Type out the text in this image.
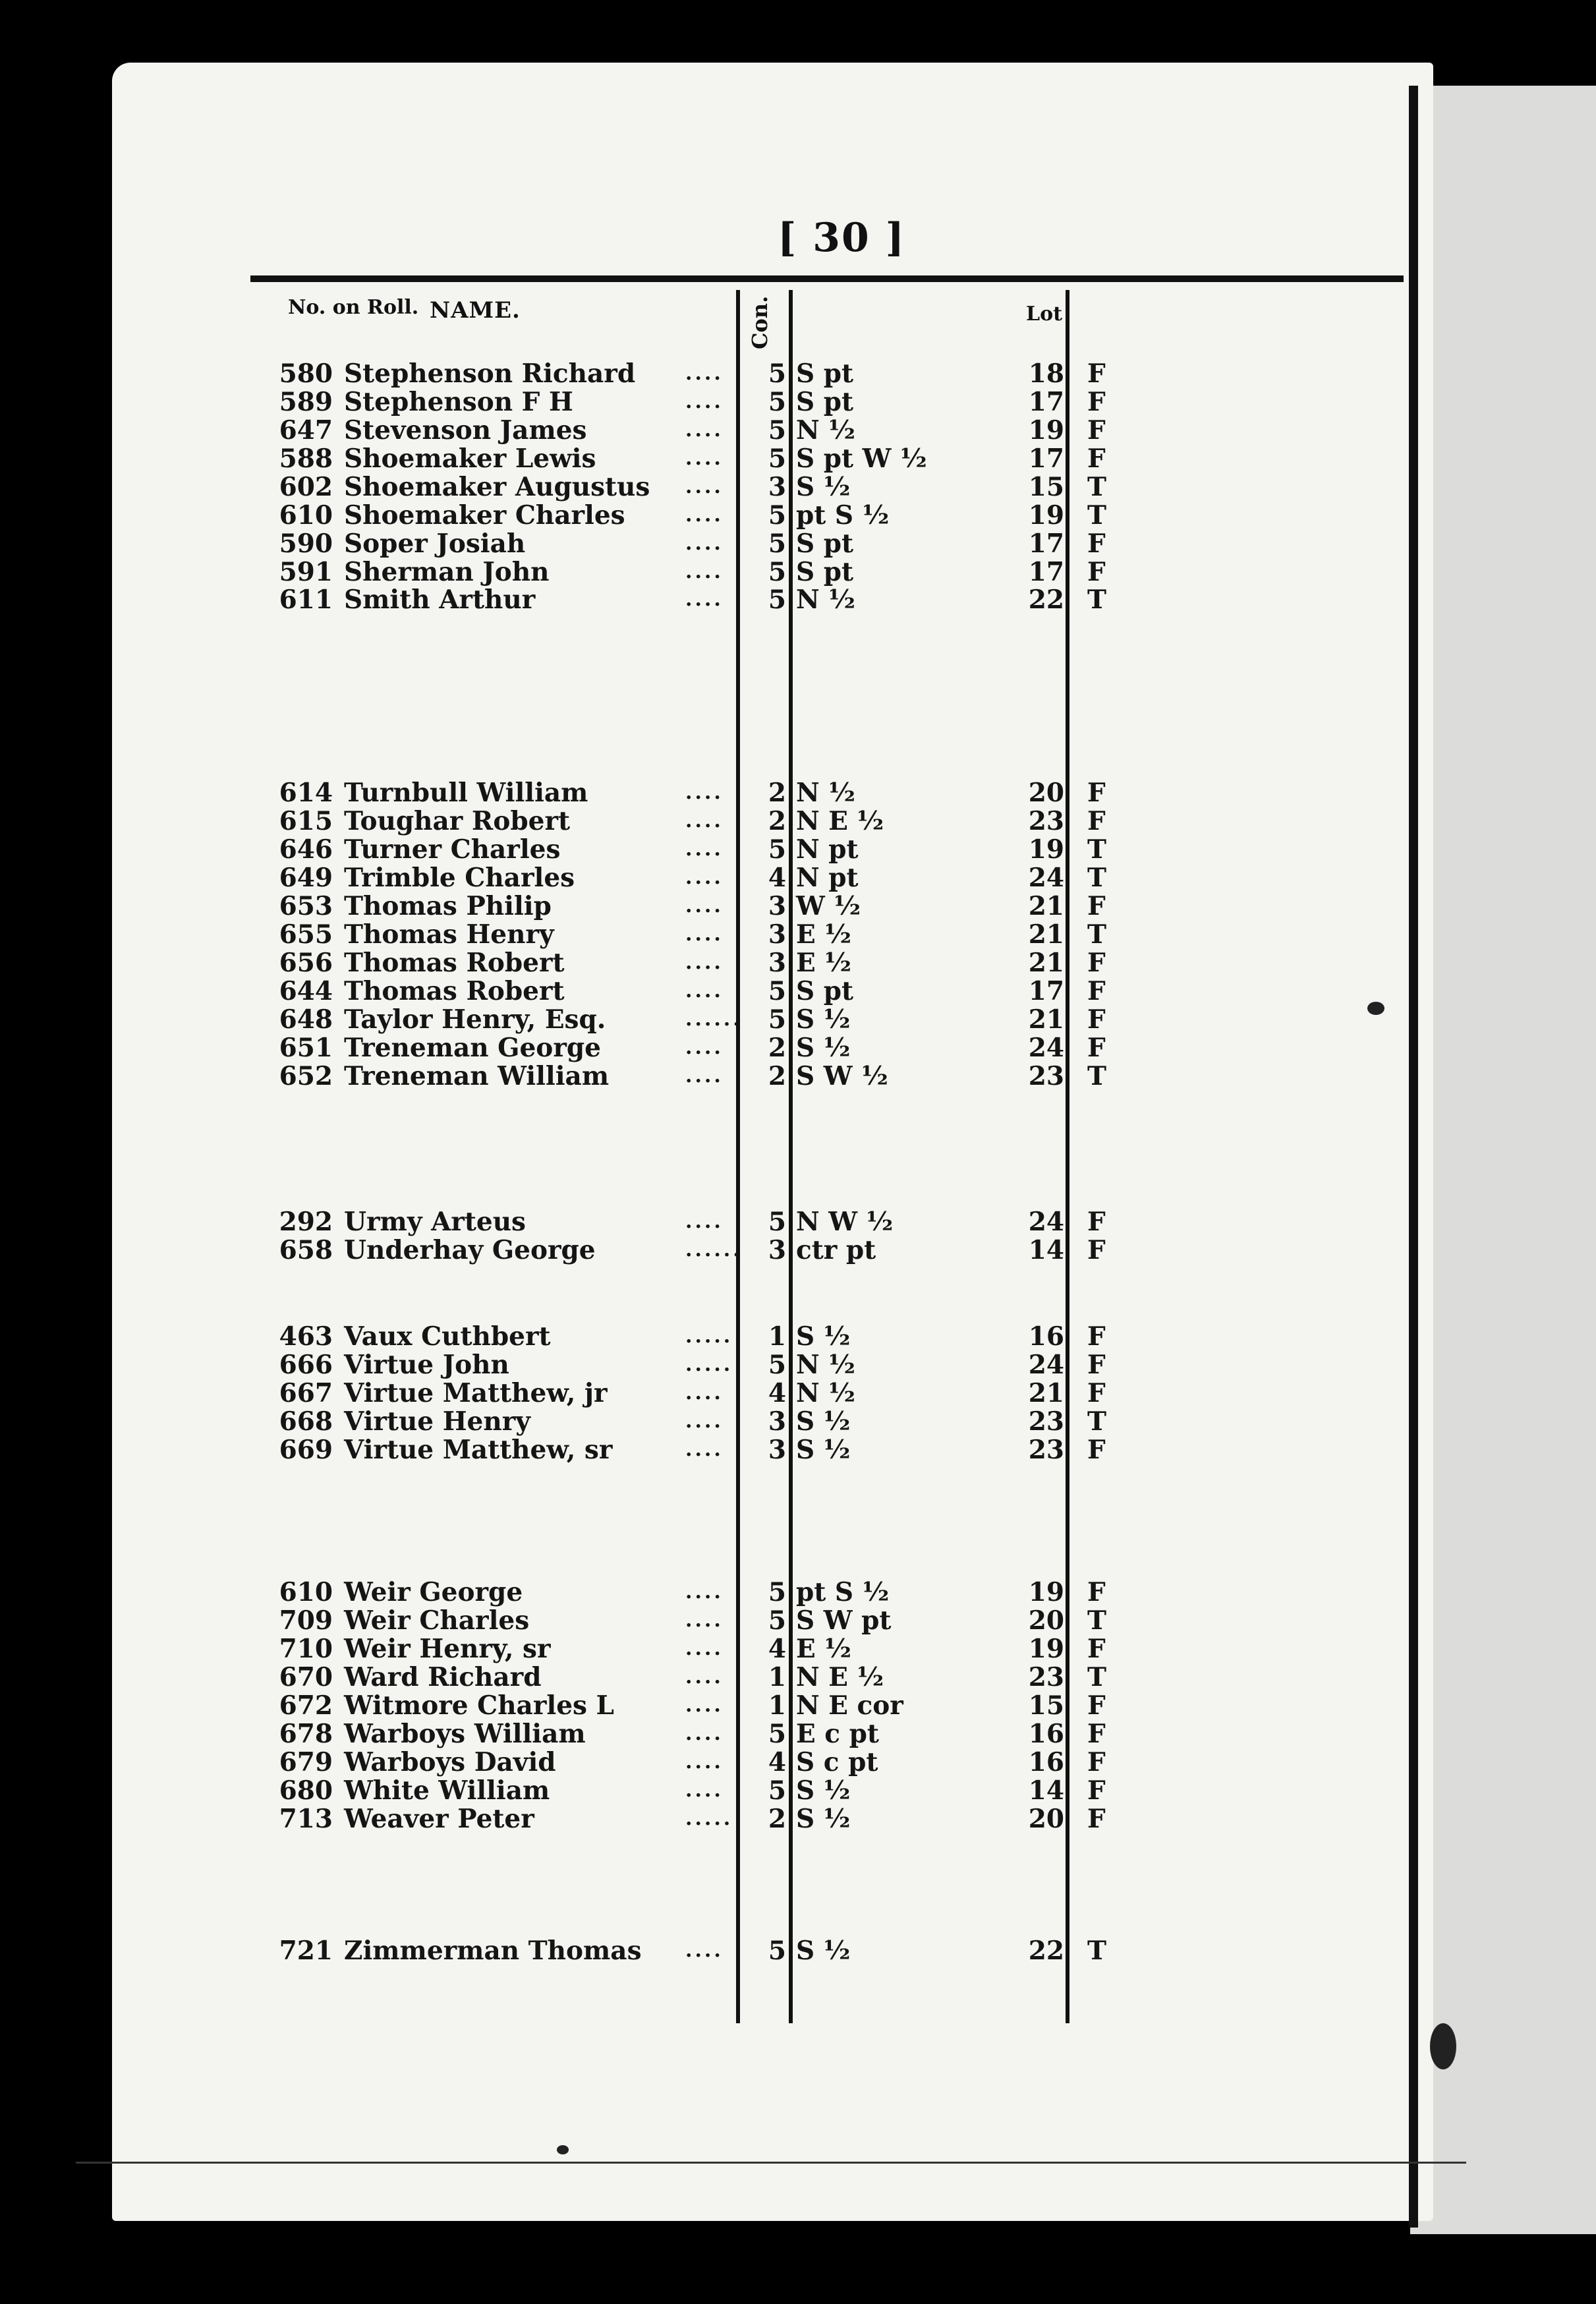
[ 30 ]
No. on Roll. NAME.	Con.	Lot
580 Stephenson Richard	.... 5 S pt	18 F
589 Stephenson F H	.... 5 S pt	17 F
647 Stevenson James	.... 5 N ½	19 F
588 Shoemaker Lewis	.... 5 S pt W ½	17 F
602 Shoemaker Augustus .... 3 S ½	15 T
610 Shoemaker Charles	.... 5 pt S ½	19 T
590 Soper Josiah	.... 5 S pt	17 F
591 Sherman John	.... 5 S pt	17 F
611 Smith Arthur	.... 5 N ½	22 T
614 Turnbull William	.... 2 N ½	20 F
615 Toughar Robert	.... 2 N E ½	23 F
646 Turner Charles	.... 5 N pt	19 T
649 Trimble Charles	.... 4 N pt	24 T
653 Thomas Philip	.... 3 W ½	21 F
655 Thomas Henry	.... 3 E ½	21 T
656 Thomas Robert	.... 3 E ½	21 F
644 Thomas Robert	.... 5 S pt	17 F
648 Taylor Henry, Esq.	...... 5 S ½	21 F
651 Treneman George	.... 2 S ½	24 F
652 Treneman William	.... 2 S W ½	23 T
292 Urmy Arteus	.... 5 N W ½	24 F
658 Underhay George	...... 3 ctr pt	14 F
463 Vaux Cuthbert	..... 1 S ½	16 F
666 Virtue John	..... 5 N ½	24 F
667 Virtue Matthew, jr	.... 4 N ½	21 F
668 Virtue Henry	.... 3 S ½	23 T
669 Virtue Matthew, sr	.... 3 S ½	23 F
610 Weir George	.... 5 pt S ½	19 F
709 Weir Charles	.... 5 S W pt	20 T
710 Weir Henry, sr	.... 4 E ½	19 F
670 Ward Richard	.... 1 N E ½	23 T
672 Witmore Charles L	.... 1 N E cor	15 F
678 Warboys William	.... 5 E c pt	16 F
679 Warboys David	.... 4 S c pt	16 F
680 White William	.... 5 S ½	14 F
713 Weaver Peter	..... 2 S ½	20 F
721 Zimmerman Thomas .... 5 S ½	22 T
